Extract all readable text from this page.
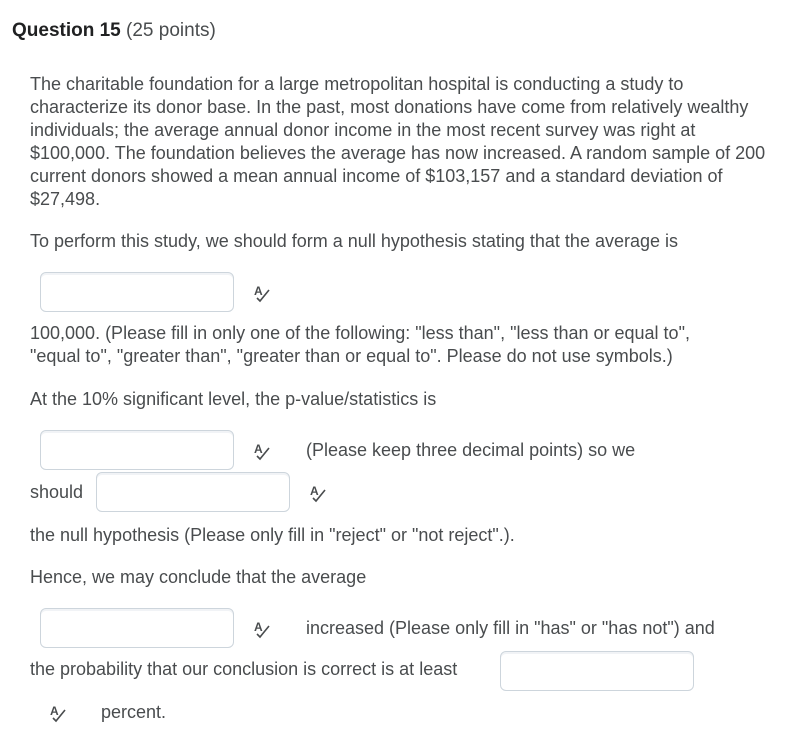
Question 15 (25 points)
The charitable foundation for a large metropolitan hospital is conducting a study to characterize its donor base. In the past, most donations have come from relatively wealthy individuals; the average annual donor income in the most recent survey was right at $100,000. The foundation believes the average has now increased. A random sample of 200 current donors showed a mean annual income of $103,157 and a standard deviation of $27,498.
To perform this study, we should form a null hypothesis stating that the average is
A
100,000. (Please fill in only one of the following: "less than", "less than or equal to",
"equal to", "greater than", "greater than or equal to". Please do not use symbols.)
At the 10% significant level, the p-value/statistics is
A (Please keep three decimal points) so we
should	A
the null hypothesis (Please only fill in "reject" or "not reject".).
Hence, we may conclude that the average
A increased (Please only fill in "has" or "has not") and
the probability that our conclusion is correct is at least
A percent.
